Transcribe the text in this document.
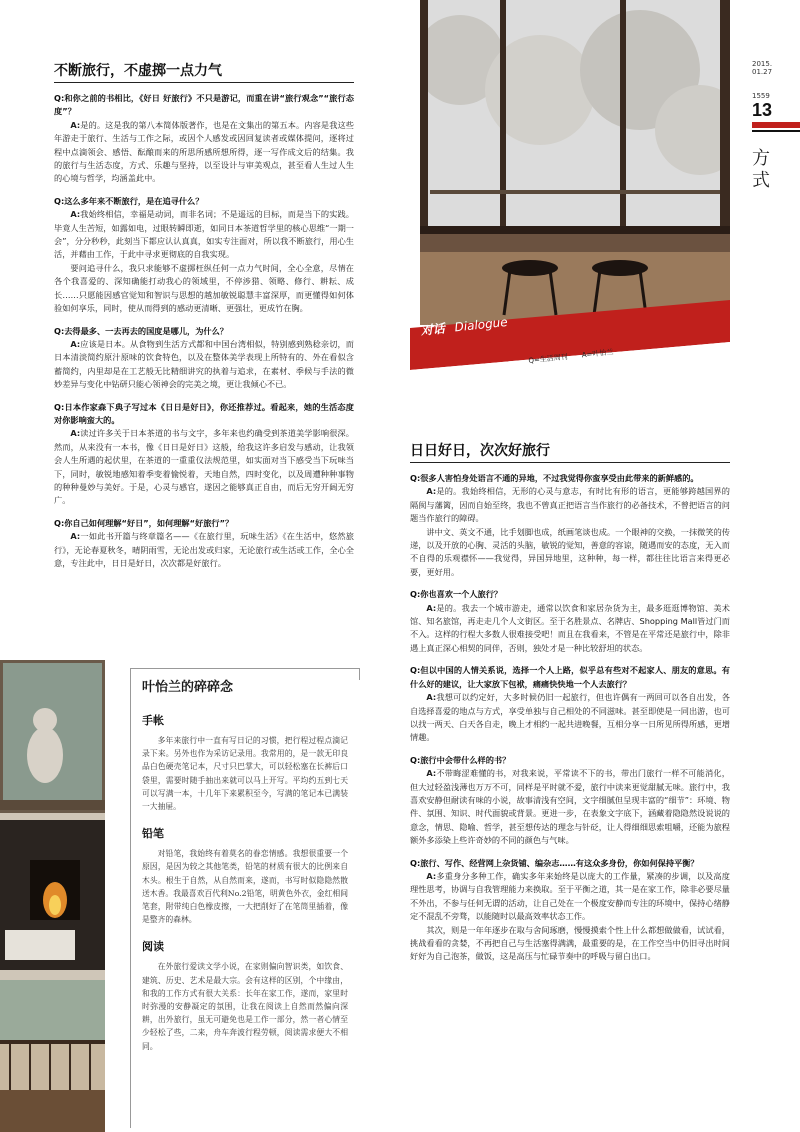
对话 Dialogue
Q=生活周刊 A=叶怡兰
2015.
01.27
1559
13
方式
不断旅行，不虚掷一点力气

Q:和你之前的书相比，《好日 好旅行》不只是游记，而重在讲“旅行观念”“旅行态度”？

A:是的。这是我的第八本简体版著作，也是在文集出的第五本。内容是我这些年游走于旅行、生活与工作之际，或因个人感发或因回复读者或媒体提问，逐将过程中点滴领会、感悟、酝酿而来的所思所感所想所得，逐一写作成文后的结集。我的旅行与生活态度，方式、乐趣与坚持，以至设计与审美观点，甚至看人生过人生的心境与哲学，均涵盖此中。

Q:这么多年来不断旅行，是在追寻什么？

A:我始终相信，幸福是动词，而非名词；不是遥远的目标，而是当下的实践。毕竟人生苦短，如露如电，过眼转瞬即逝，如同日本茶道哲学里的核心思维“一期一会”，分分秒秒，此刻当下都应认认真真，如实专注面对，所以我不断旅行，用心生活，并藉由工作，于此中寻求更彻底的自我实现。

要问追寻什么，我只求能够不虚掷枉纵任何一点力气时间，全心全意，尽情在各个我喜爱的、深知确能打动我心的领域里，不停涉猎、领略、修行、耕耘、成长……只愿能因感官觉知和智识与思想的越加敏锐聪慧丰富深厚，而更懂得如何体验如何享乐，同时，使从而得到的感动更清晰、更强壮，更成竹在胸。

Q:去得最多、一去再去的国度是哪儿，为什么？

A:应该是日本。从食物到生活方式都和中国台湾相似，特别感到熟稔亲切，而日本清淡简约原汁原味的饮食特色，以及在整体美学表现上所特有的、外在看似含蓄简约，内里却是在工艺般无比精细讲究的执着与追求，在素材、季候与手法的微妙差异与变化中钻研只能心领神会的完美之境，更让我倾心不已。

Q:日本作家森下典子写过本《日日是好日》，你还推荐过。看起来，她的生活态度对你影响蛮大的。

A:读过许多关于日本茶道的书与文字，多年来也约确受到茶道美学影响很深。然而，从来没有一本书，像《日日是好日》这般，给我这许多启发与感动，让我领会人生所遇的起伏里，在茶道的一重重仪法规范里，如实面对当下感受当下玩味当下，同时，敏锐地感知着季变着愉悦着，天地自然，四时变化，以及周遭种种事物的种种曼妙与美好。于是，心灵与感官，遂因之能够真正自由，而后无穷开阔无穷广。

Q:你自己如何理解“好日”，如何理解“好旅行”？

A:一如此书开篇与终章篇名——《在旅行里，玩味生活》《在生活中，悠然旅行》，无论春夏秋冬，晴阴雨雪，无论出发或归家，无论旅行或生活或工作，全心全意，专注此中，日日是好日，次次都是好旅行。

日日好日，次次好旅行

Q:很多人害怕身处语言不通的异地，不过我觉得你蛮享受由此带来的新鲜感的。

A:是的。我始终相信，无形的心灵与意志，有时比有形的语言，更能够跨越国界的隔阂与藩篱，因而自始至终，我也不曾真正把语言当作旅行的必备技术，不曾把语言的问题当作旅行的障碍。

讲中文、英文不通，比手划脚也成，纸画笔谈也成。一个眼神的交换，一抹微笑的传递，以及开放的心胸、灵活的头脑，敏锐的觉知，善意的容谅，随遇而安的态度，无入而不自得的乐观襟怀——我觉得，异国异地里，这种种，每一样，都往往比语言来得更必要，更好用。

Q:你也喜欢一个人旅行？

A:是的。我去一个城市游走，通常以饮食和家居杂货为主，最多逛逛博物馆、美术馆、知名旅馆，再走走几个人文街区。至于名胜景点、名牌店、Shopping Mall皆过门而不入。这样的行程大多数人很难接受吧！而且在我看来，不管是在平常还是旅行中，除非遇上真正深心相契的同伴，否则，独处才是一种比较舒坦的状态。

Q:但以中国的人情关系说，选择一个人上路，似乎总有些对不起家人、朋友的意思。有什么好的建议，让大家放下包袱，痛痛快快地一个人去旅行？

A:我想可以约定好，大多时候仍旧一起旅行，但也许偶有一两回可以各自出发，各自选择喜爱的地点与方式，享受单独与自己相处的不同滋味。甚至即使是一同出游，也可以找一两天、白天各自走，晚上才相约一起共进晚餐，互相分享一日所见所得所感，更增情趣。

Q:旅行中会带什么样的书？

A:不带晦涩难懂的书，对我来说，平常读不下的书，带出门旅行一样不可能消化，但大过轻盈浅薄也万万不可，同样是平时就不爱，旅行中读来更觉甜腻无味。旅行中，我喜欢安静但耐读有味的小说，故事清浅有空间，文字细腻但呈现丰富的“细节”：环境、物件、氛围、知识、时代面貌或背景。更进一步，在表象文字底下，涵藏着隐隐然设说说的意念，情思、隐喻、哲学，甚至想传达的理念与针砭，让人得细细思索咀嚼，还能为旅程额外多添染上些许奇妙的不同的颜色与气味。

Q:旅行、写作、经营网上杂货铺、编杂志……有这众多身份，你如何保持平衡？

A:多重身分多种工作，确实多年来始终是以庞大的工作量，紧凑的步调，以及高度理性思考，协调与自我管理能力来换取。至于平衡之道，其一是在家工作，除非必要尽量不外出，不参与任何无谓的活动，让自己处在一个极度安静而专注的环境中，保持心绪静定不混乱不旁骛，以能随时以最高效率状态工作。

其次，则是一年年逐步在取与舍间琢磨，慢慢摸索个性上什么都想做做看，试试看，挑战看看的贪婪，不再把自己与生活塞得满满，最重要的是，在工作空当中仍旧寻出时间好好为自己泡茶，做饭，这是高压与忙碌节奏中的呼吸与留白出口。

叶怡兰的碎碎念
手帐

多年来旅行中一直有写日记的习惯，把行程过程点滴记录下来。另外也作为采访记录用。我常用的，是一款无印良品白色硬壳笔记本，尺寸只巴掌大，可以轻松塞在长裤后口袋里，需要时随手抽出来就可以马上开写。平均约五到七天可以写满一本，十几年下来累积至今，写满的笔记本已满装一大抽屉。

铅笔

对铅笔，我始终有着莫名的眷恋情感。我想很重要一个原因，是因为较之其他笔类，铅笔的材质有很大的比例来自木头。根生于自然，从自然而来，遂而，书写时似隐隐然散送木香。我最喜欢百代利No.2铅笔，明黄色外衣，金红相间笔套，附带纯白色橡皮擦，一大把削好了在笔筒里插着，像是整齐的森林。

阅读

在外旅行爱读文学小说，在家则偏向智识类，如饮食、建筑、历史、艺术是最大宗。会有这样的区别，个中缘由，和我的工作方式有很大关系：长年在家工作，遂而，家里时时弥漫的安静凝定的氛围，让我在阅读上自然而然偏向深耕，出外旅行，虽无可避免也是工作一部分，然一者心情至少轻松了些，二来，舟车奔波行程劳顿，阅读需求便大不相同。
